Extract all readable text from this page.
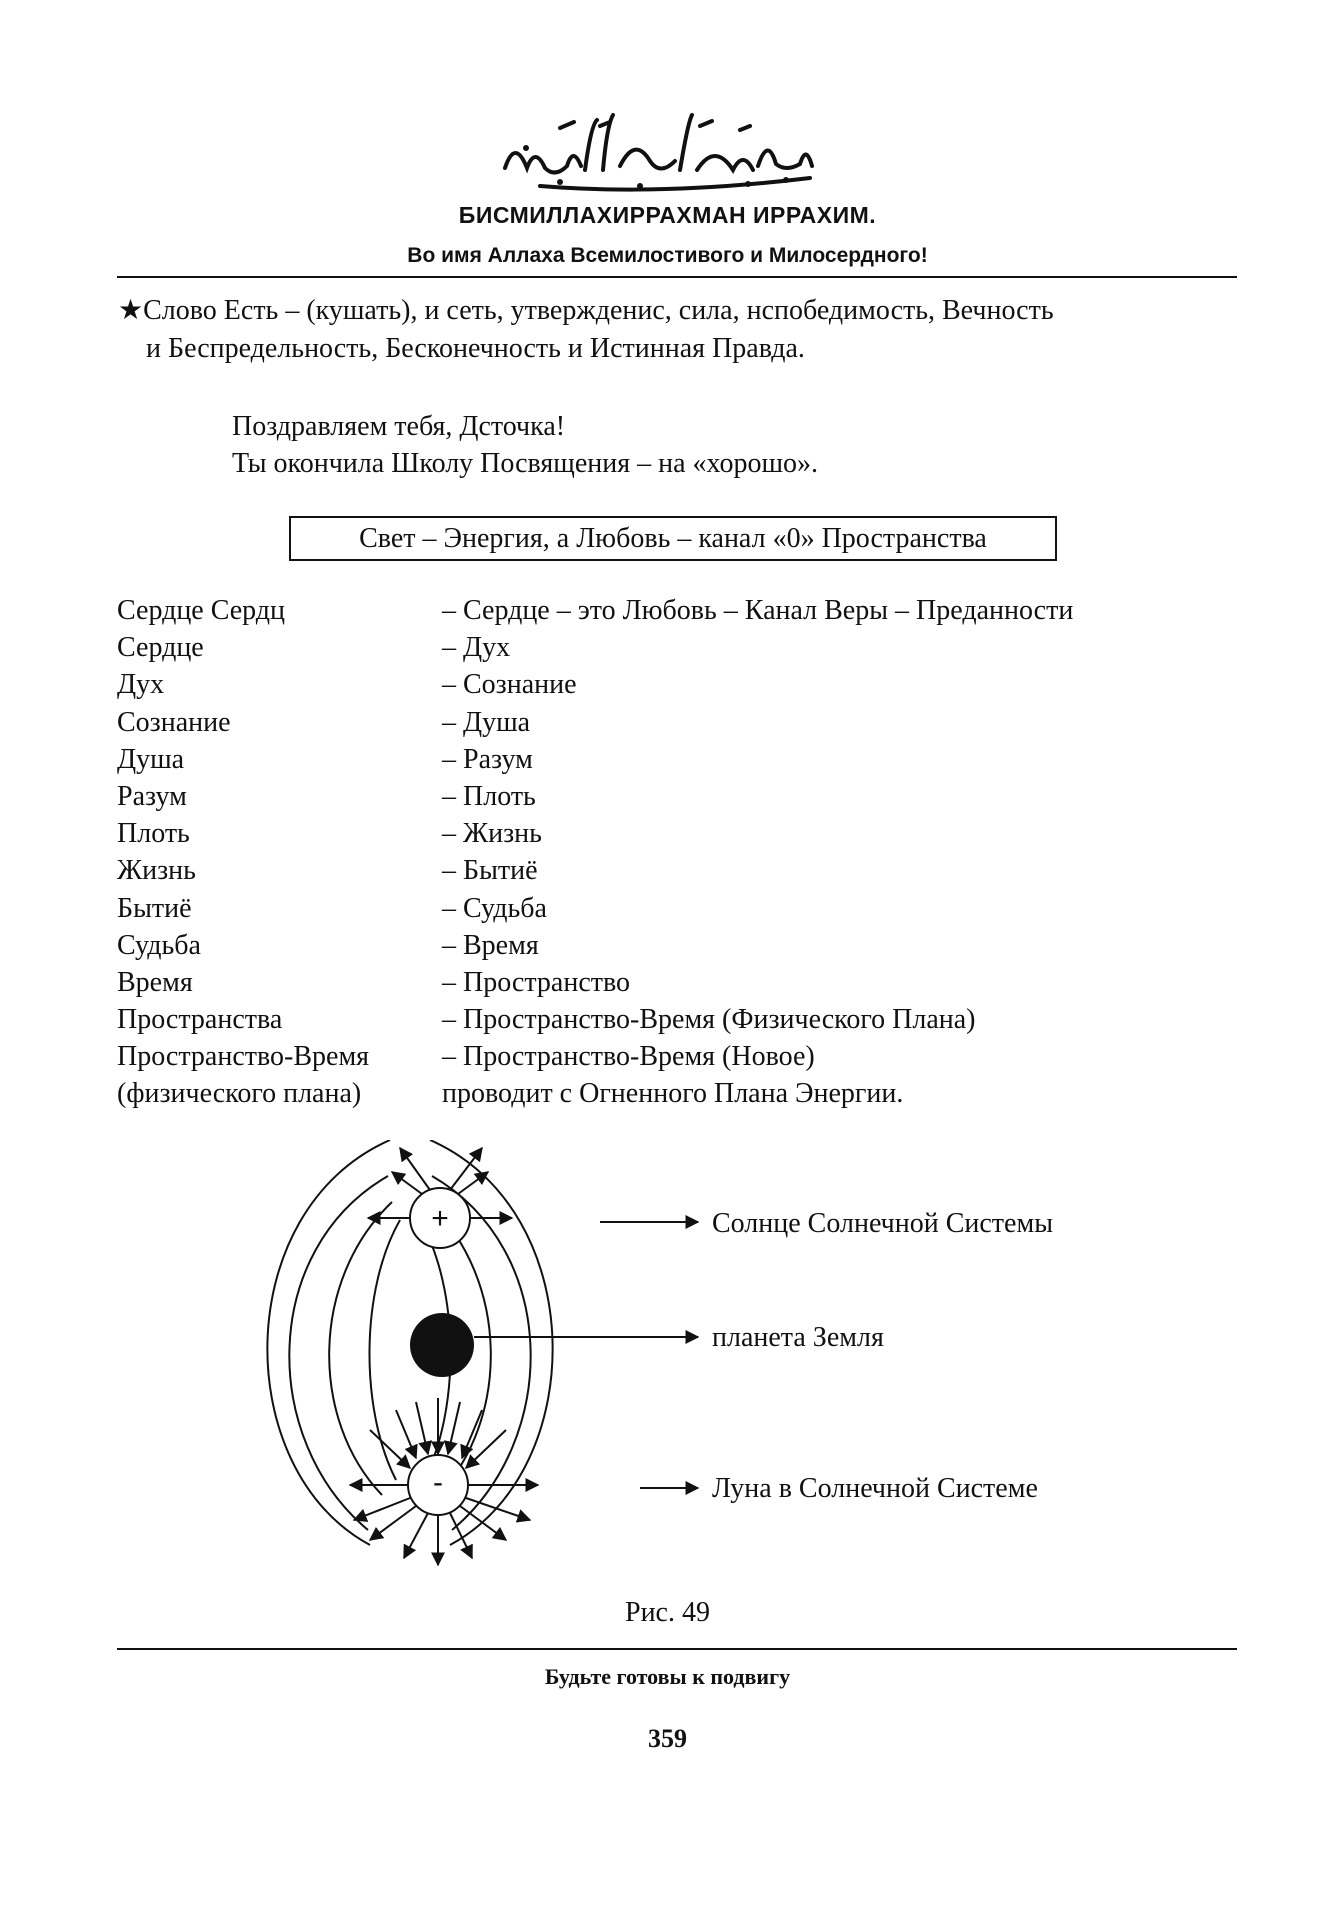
БИСМИЛЛАХИРРАХМАН ИРРАХИМ.
Во имя Аллаха Всемилостивого и Милосердного!
★Слово Есть – (кушать), и сеть, утвержденис, сила, нспобедимость, Вечность
и Беспредельность, Бесконечность и Истинная Правда.
Поздравляем тебя, Дсточка!
Ты окончила Школу Посвящения – на «хорошо».
Свет – Энергия, а Любовь – канал «0» Пространства
Сердце Сердц	– Сердце – это Любовь – Канал Веры – Преданности
Сердце	– Дух
Дух	– Сознание
Сознание	– Душа
Душа	– Разум
Разум	– Плоть
Плоть	– Жизнь
Жизнь	– Бытиё
Бытиё	– Судьба
Судьба	– Время
Время	– Пространство
Пространства	– Пространство-Время (Физического Плана)
Пространство-Время	– Пространство-Время (Новое)
(физического плана)	проводит с Огненного Плана Энергии.
+
-
Солнце Солнечной Системы
планета Земля
Луна в Солнечной Системе
Рис. 49
Будьте готовы к подвигу
359
